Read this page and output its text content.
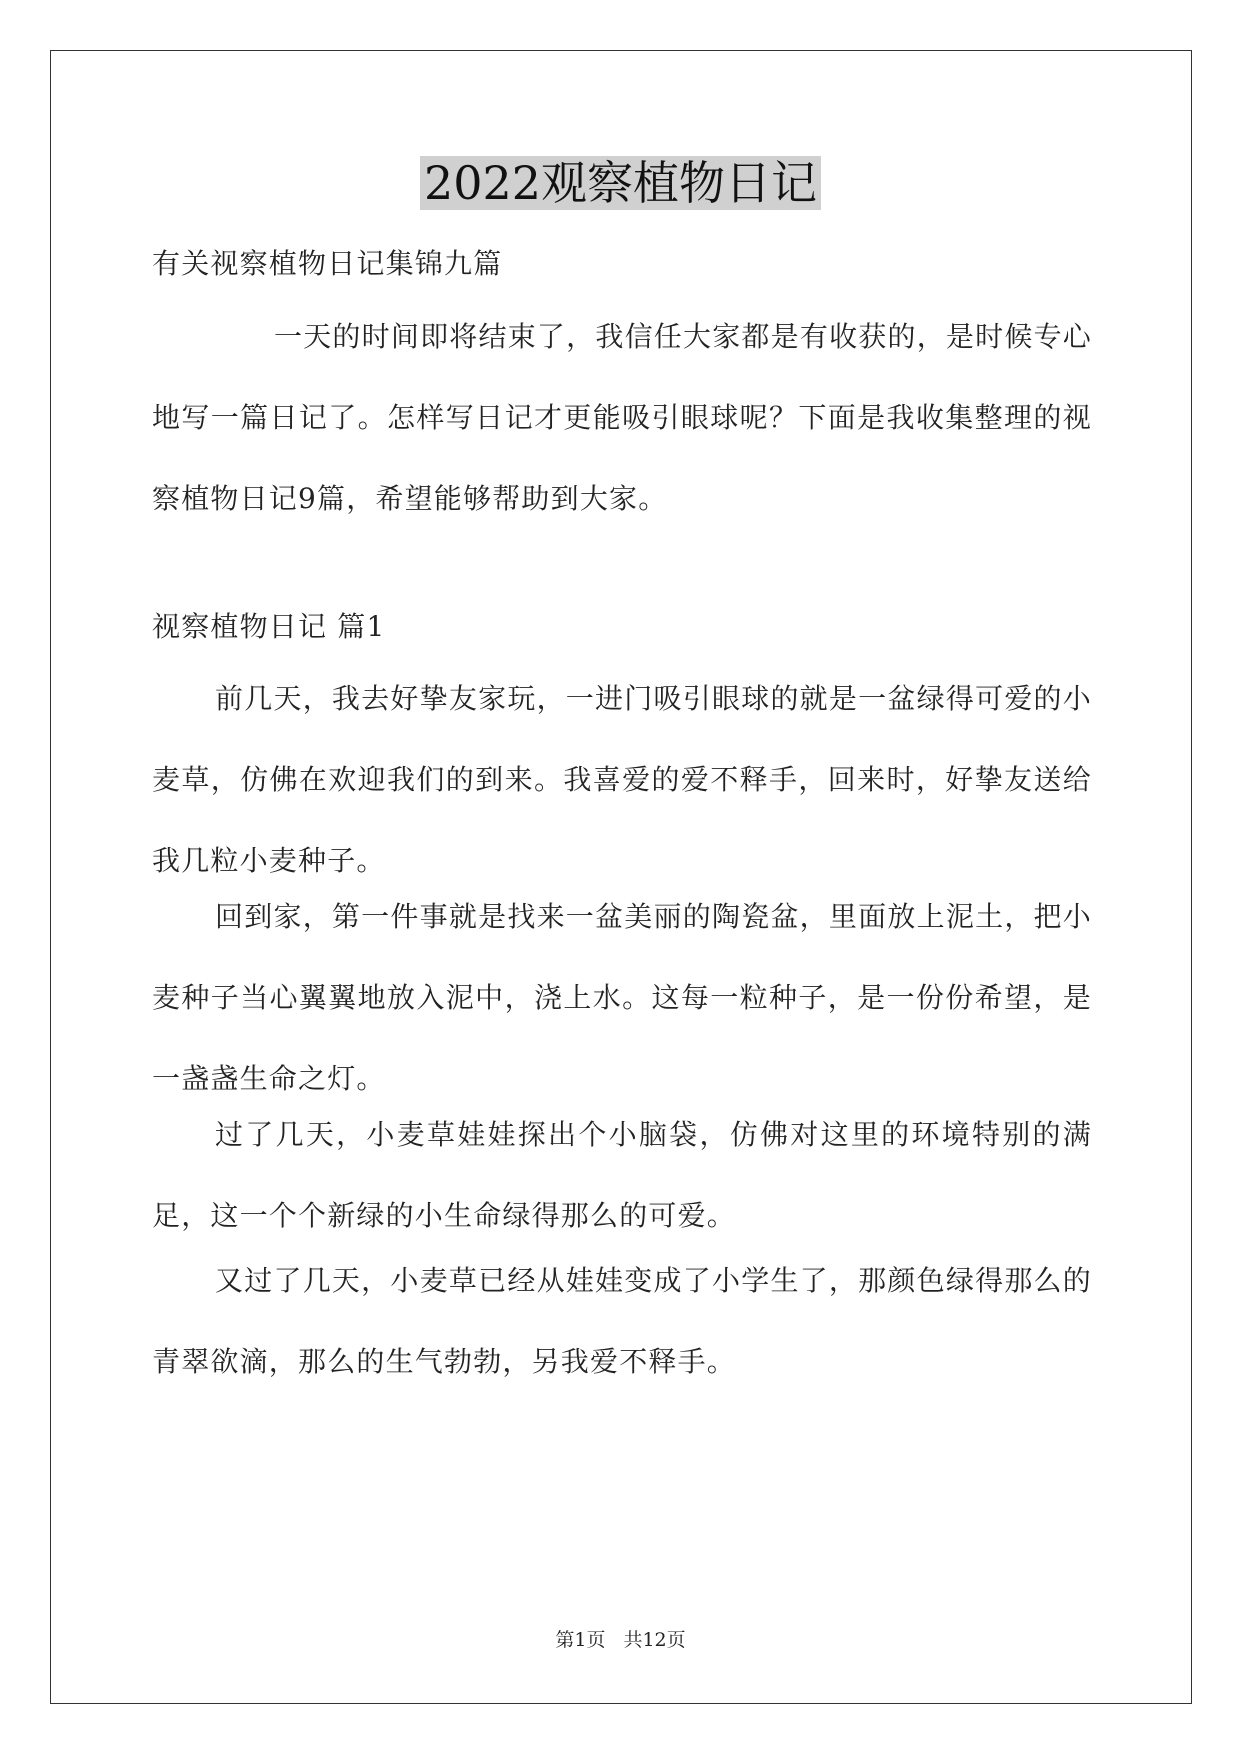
2022观察植物日记

有关视察植物日记集锦九篇

一天的时间即将结束了，我信任大家都是有收获的，是时候专心地写一篇日记了。怎样写日记才更能吸引眼球呢？下面是我收集整理的视察植物日记9篇，希望能够帮助到大家。

视察植物日记 篇1

前几天，我去好挚友家玩，一进门吸引眼球的就是一盆绿得可爱的小麦草，仿佛在欢迎我们的到来。我喜爱的爱不释手，回来时，好挚友送给我几粒小麦种子。

回到家，第一件事就是找来一盆美丽的陶瓷盆，里面放上泥土，把小麦种子当心翼翼地放入泥中，浇上水。这每一粒种子，是一份份希望，是一盏盏生命之灯。

过了几天，小麦草娃娃探出个小脑袋，仿佛对这里的环境特别的满足，这一个个新绿的小生命绿得那么的可爱。

又过了几天，小麦草已经从娃娃变成了小学生了，那颜色绿得那么的青翠欲滴，那么的生气勃勃，另我爱不释手。

第1页 共12页
